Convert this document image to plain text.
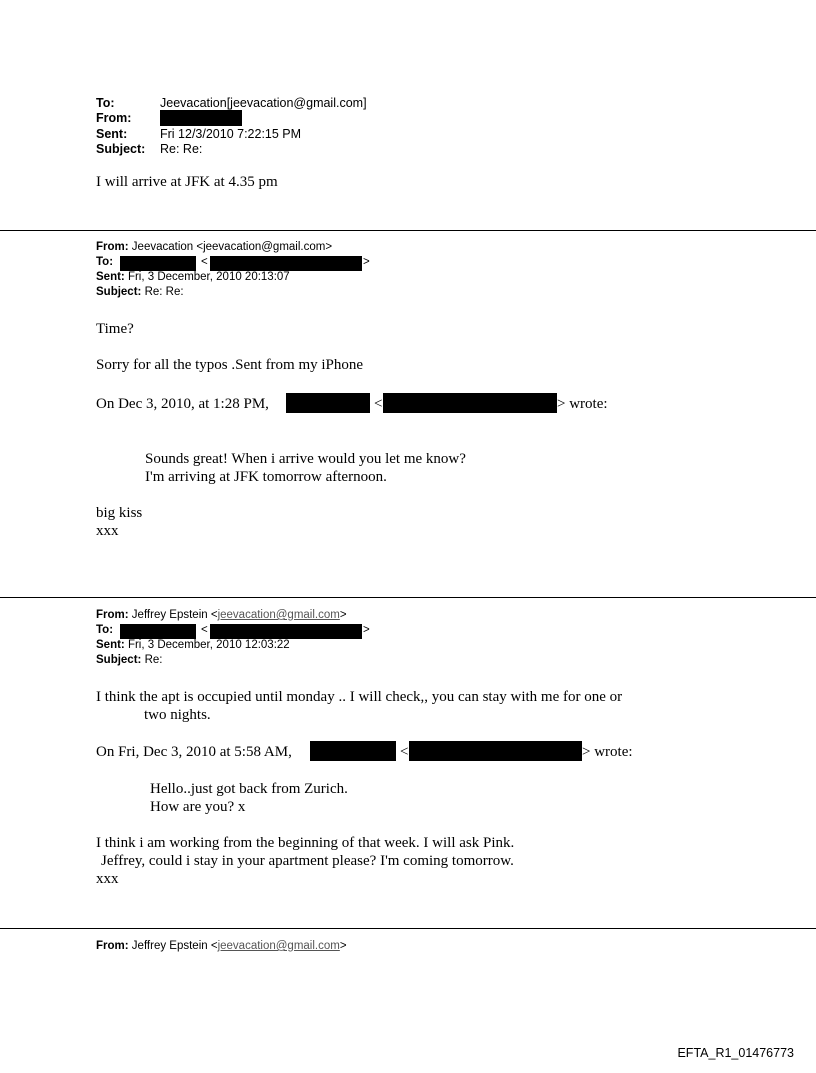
To:	Jeevacation[jeevacation@gmail.com]
From:
Sent:	Fri 12/3/2010 7:22:15 PM
Subject: Re: Re:
I will arrive at JFK at 4.35 pm
From: Jeevacation <jeevacation@gmail.com>
To:	<	>
Sent: Fri, 3 December, 2010 20:13:07
Subject: Re: Re:
Time?
Sorry for all the typos .Sent from my iPhone
On Dec 3, 2010, at 1:28 PM,	<	> wrote:
Sounds great! When i arrive would you let me know?
I'm arriving at JFK tomorrow afternoon.
big kiss
xxx
From: Jeffrey Epstein <jeevacation@gmail.com>
To:	<	>
Sent: Fri, 3 December, 2010 12:03:22
Subject: Re:
I think the apt is occupied until monday .. I will check,, you can stay with me for one or
two nights.
On Fri, Dec 3, 2010 at 5:58 AM,	<	> wrote:
Hello..just got back from Zurich.
How are you? x
I think i am working from the beginning of that week. I will ask Pink.
Jeffrey, could i stay in your apartment please? I'm coming tomorrow.
xxx
From: Jeffrey Epstein <jeevacation@gmail.com>
EFTA_R1_01476773
